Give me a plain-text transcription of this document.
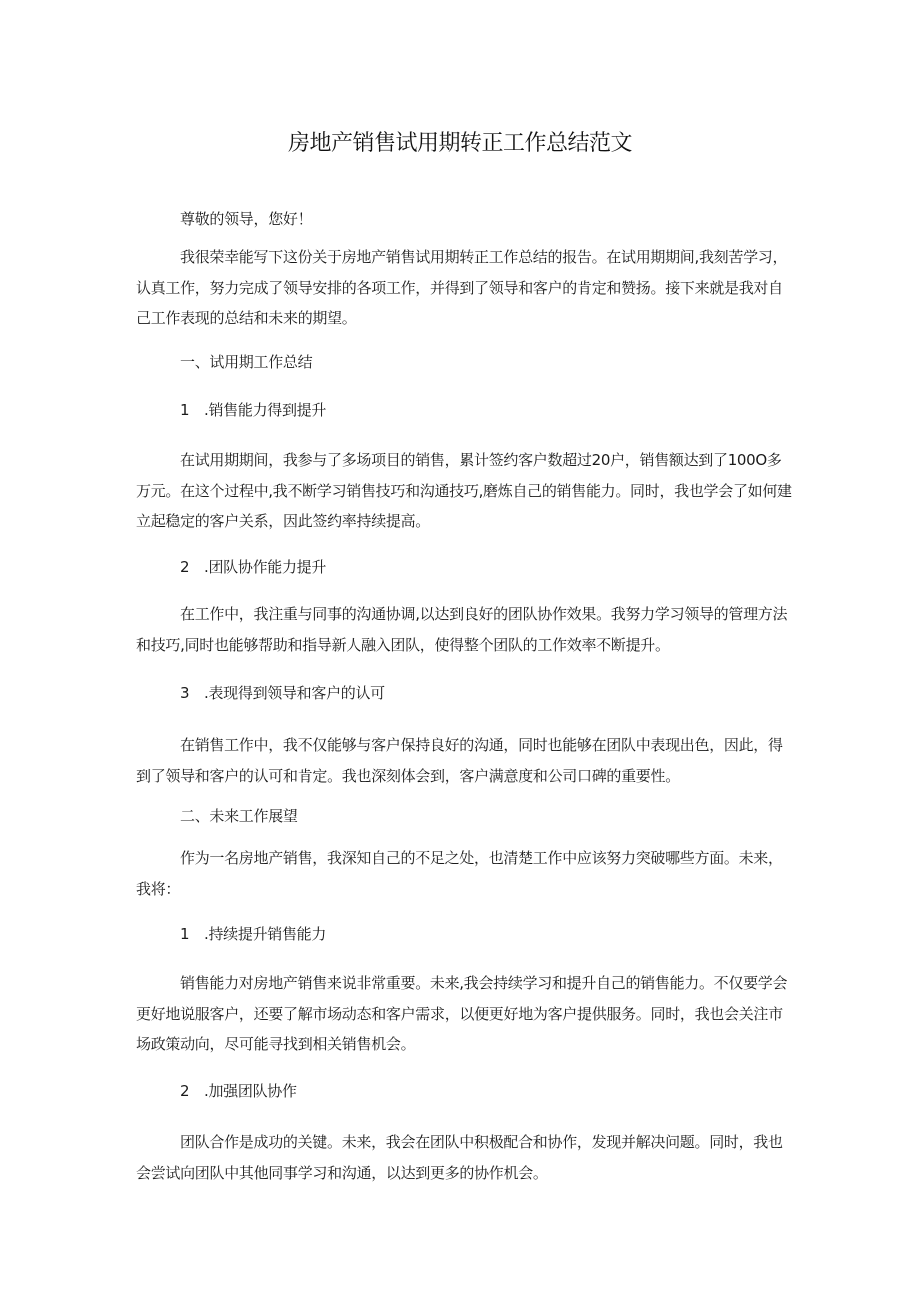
房地产销售试用期转正工作总结范文

尊敬的领导，您好！

我很荣幸能写下这份关于房地产销售试用期转正工作总结的报告。在试用期期间,我刻苦学习，认真工作，努力完成了领导安排的各项工作，并得到了领导和客户的肯定和赞扬。接下来就是我对自己工作表现的总结和未来的期望。

一、试用期工作总结

1 .销售能力得到提升

在试用期期间，我参与了多场项目的销售，累计签约客户数超过20户，销售额达到了100O多万元。在这个过程中,我不断学习销售技巧和沟通技巧,磨炼自己的销售能力。同时，我也学会了如何建立起稳定的客户关系，因此签约率持续提高。

2 .团队协作能力提升

在工作中，我注重与同事的沟通协调,以达到良好的团队协作效果。我努力学习领导的管理方法和技巧,同时也能够帮助和指导新人融入团队，使得整个团队的工作效率不断提升。

3 .表现得到领导和客户的认可

在销售工作中，我不仅能够与客户保持良好的沟通，同时也能够在团队中表现出色，因此，得到了领导和客户的认可和肯定。我也深刻体会到，客户满意度和公司口碑的重要性。

二、未来工作展望

作为一名房地产销售，我深知自己的不足之处，也清楚工作中应该努力突破哪些方面。未来，我将：

1 .持续提升销售能力

销售能力对房地产销售来说非常重要。未来,我会持续学习和提升自己的销售能力。不仅要学会更好地说服客户，还要了解市场动态和客户需求，以便更好地为客户提供服务。同时，我也会关注市场政策动向，尽可能寻找到相关销售机会。

2 .加强团队协作

团队合作是成功的关键。未来，我会在团队中积极配合和协作，发现并解决问题。同时，我也会尝试向团队中其他同事学习和沟通，以达到更多的协作机会。
